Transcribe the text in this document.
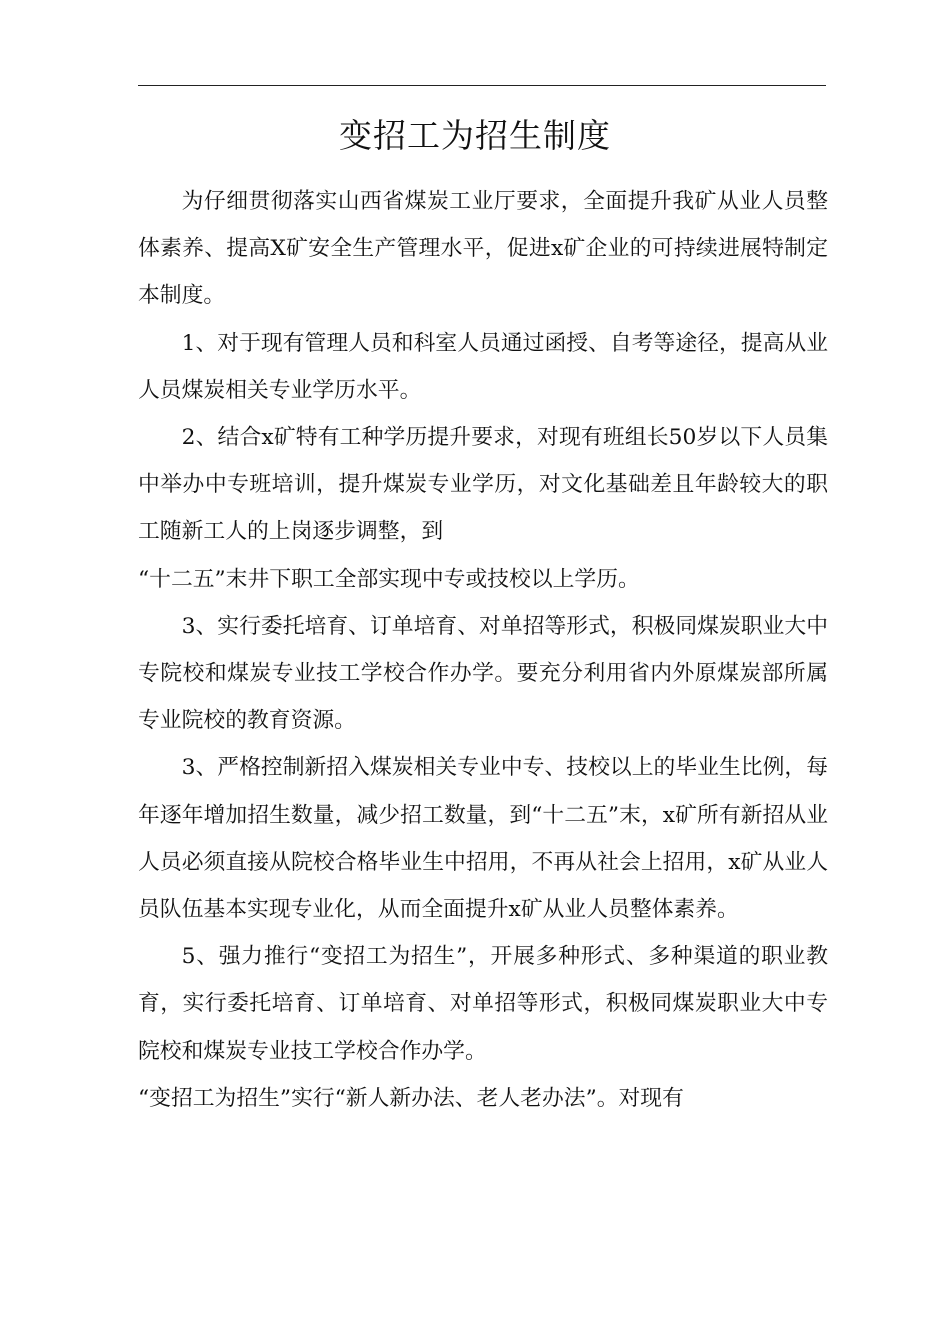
变招工为招生制度

为仔细贯彻落实山西省煤炭工业厅要求，全面提升我矿从业人员整体素养、提高X矿安全生产管理水平，促进x矿企业的可持续进展特制定本制度。

1、对于现有管理人员和科室人员通过函授、自考等途径，提高从业人员煤炭相关专业学历水平。

2、结合x矿特有工种学历提升要求，对现有班组长50岁以下人员集中举办中专班培训，提升煤炭专业学历，对文化基础差且年龄较大的职工随新工人的上岗逐步调整，到

“十二五”末井下职工全部实现中专或技校以上学历。

3、实行委托培育、订单培育、对单招等形式，积极同煤炭职业大中专院校和煤炭专业技工学校合作办学。要充分利用省内外原煤炭部所属专业院校的教育资源。

3、严格控制新招入煤炭相关专业中专、技校以上的毕业生比例，每年逐年增加招生数量，减少招工数量，到“十二五”末，x矿所有新招从业人员必须直接从院校合格毕业生中招用，不再从社会上招用，x矿从业人员队伍基本实现专业化，从而全面提升x矿从业人员整体素养。

5、强力推行“变招工为招生”，开展多种形式、多种渠道的职业教育，实行委托培育、订单培育、对单招等形式，积极同煤炭职业大中专院校和煤炭专业技工学校合作办学。

“变招工为招生”实行“新人新办法、老人老办法”。对现有
